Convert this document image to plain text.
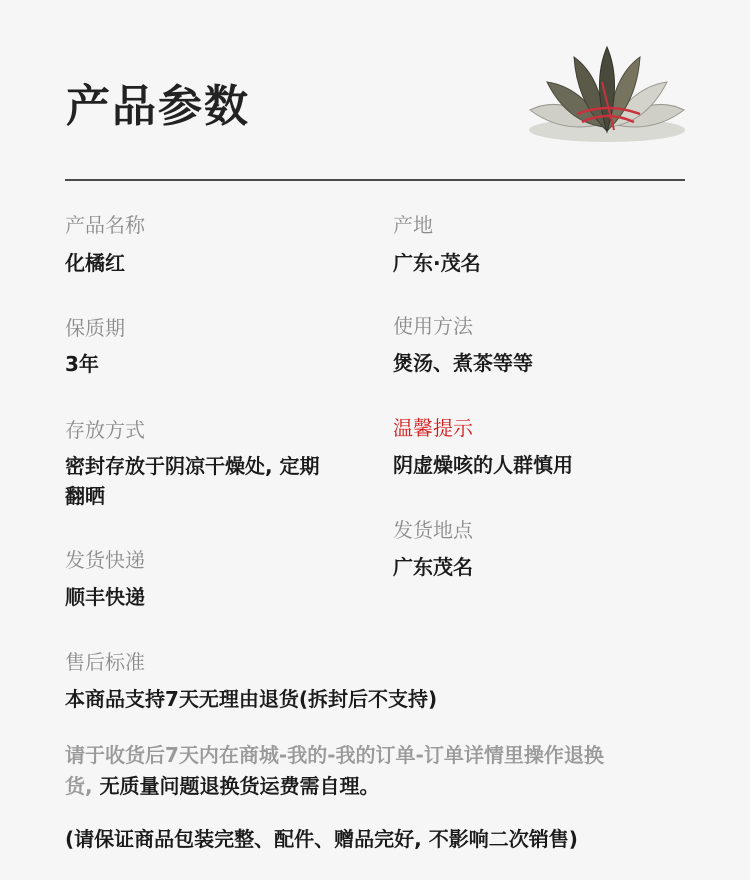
产品参数
产品名称
化橘红
产地
广东·茂名
保质期
3年
使用方法
煲汤、煮茶等等
存放方式
密封存放于阴凉干燥处, 定期
翻晒
温馨提示
阴虚燥咳的人群慎用
发货地点
广东茂名
发货快递
顺丰快递
售后标准
本商品支持7天无理由退货(拆封后不支持)
请于收货后7天内在商城-我的-我的订单-订单详情里操作退换
货, 无质量问题退换货运费需自理。
(请保证商品包装完整、配件、赠品完好, 不影响二次销售)
